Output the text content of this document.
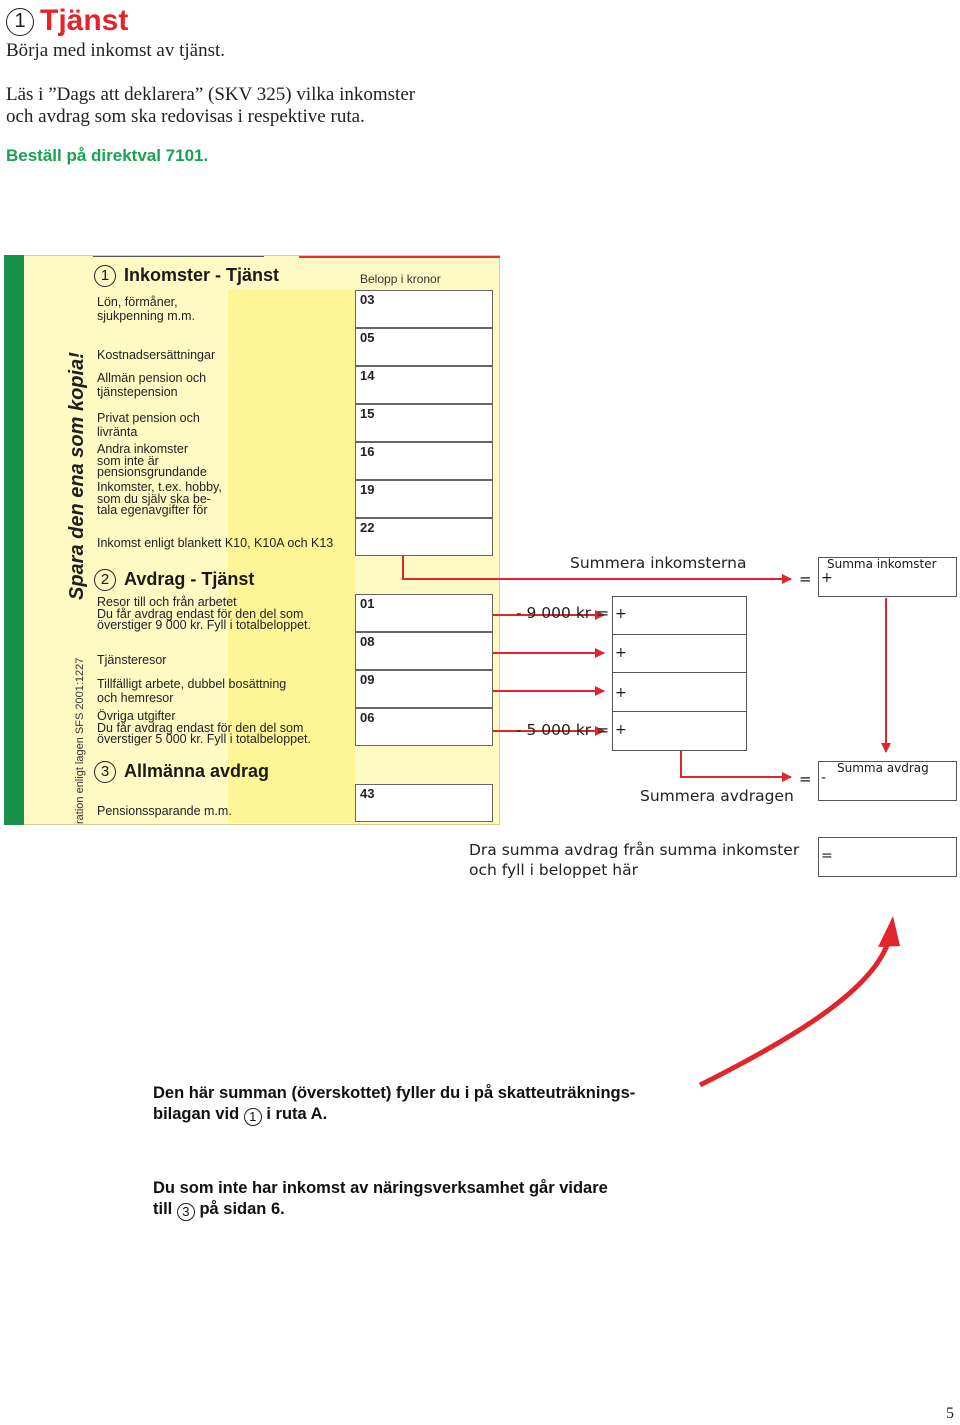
1 Tjänst
Börja med inkomst av tjänst.
Läs i ”Dags att deklarera” (SKV 325) vilka inkomster
och avdrag som ska redovisas i respektive ruta.
Beställ på direktval 7101.
Spara den ena som kopia!
ration enligt lagen SFS 2001:1227
Belopp i kronor
1 Inkomster - Tjänst
Lön, förmåner,
sjukpenning m.m.
03
Kostnadsersättningar
05
Allmän pension och
tjänstepension
14
Privat pension och
livränta
15
Andra inkomster
som inte är
pensionsgrundande
16
Inkomster, t.ex. hobby,
som du själv ska be-
tala egenavgifter för
19
Inkomst enligt blankett K10, K10A och K13
22
2 Avdrag - Tjänst
Resor till och från arbetet
Du får avdrag endast för den del som
överstiger 9 000 kr. Fyll i totalbeloppet.
01
Tjänsteresor
08
Tillfälligt arbete, dubbel bosättning
och hemresor
09
Övriga utgifter
Du får avdrag endast för den del som
överstiger 5 000 kr. Fyll i totalbeloppet.
06
3 Allmänna avdrag
Pensionssparande m.m.
43
Summera inkomsterna
=
Summa inkomster
+
- 9 000 kr = +
+
+
+
- 5 000 kr =
Summera avdragen
=
Summa avdrag
-
Dra summa avdrag från summa inkomster
och fyll i beloppet här
=
Den här summan (överskottet) fyller du i på skatteuträknings-
bilagan vid 1 i ruta A.
Du som inte har inkomst av näringsverksamhet går vidare
till 3 på sidan 6.
5
